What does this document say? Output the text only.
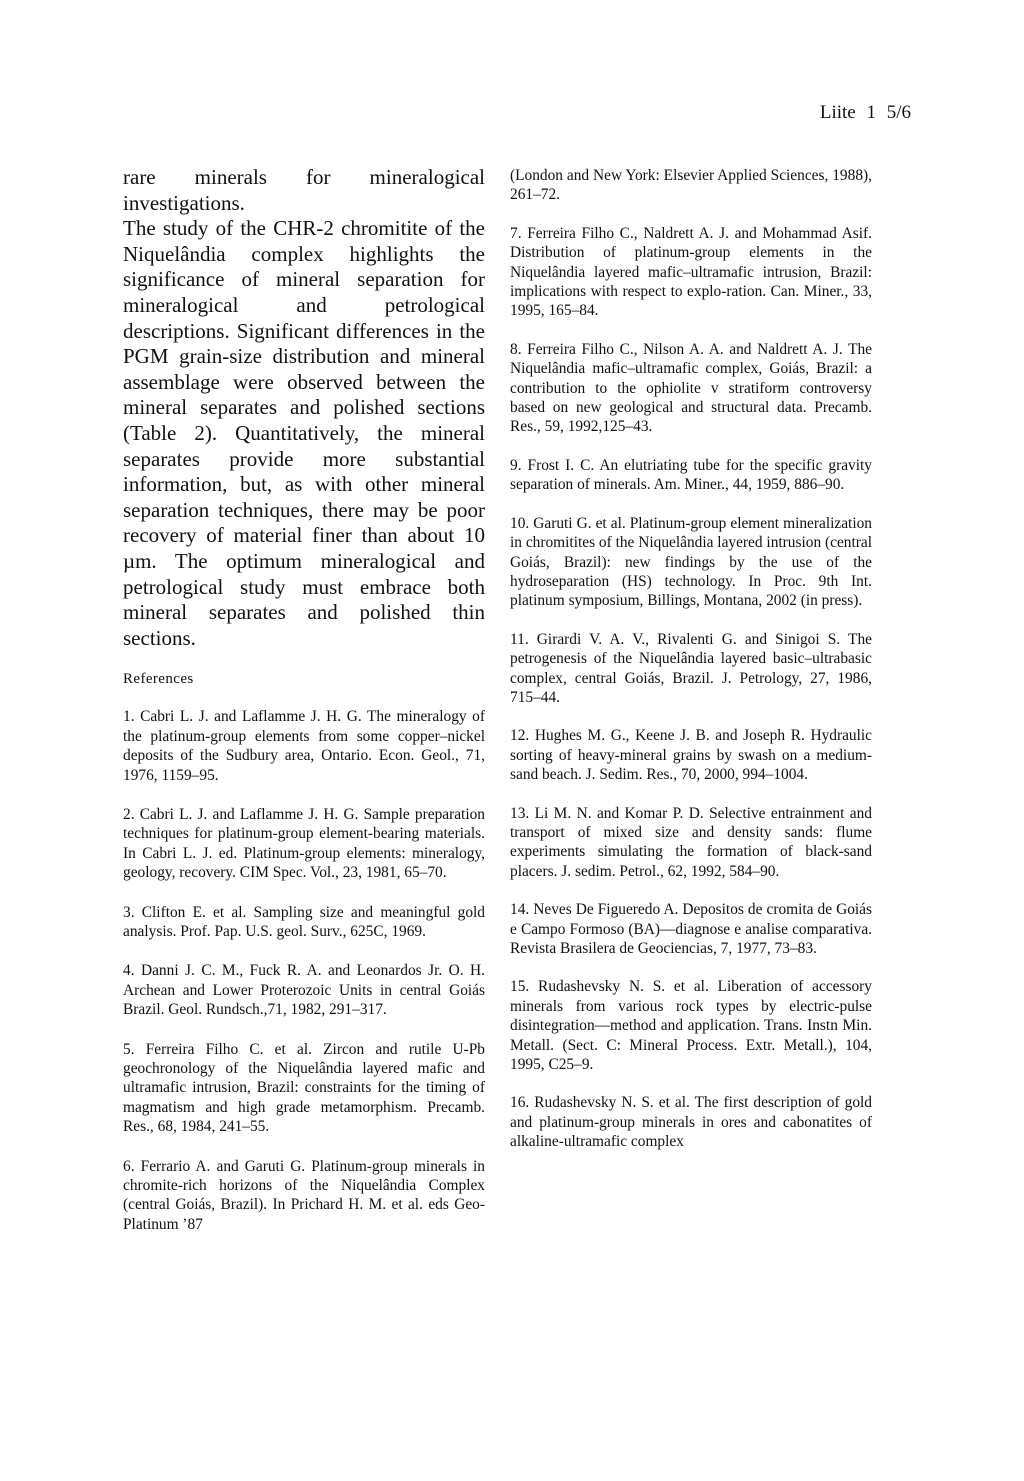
Liite 1 5/6

rare minerals for mineralogical investigations.

The study of the CHR-2 chromitite of the Niquelândia complex highlights the significance of mineral separation for mineralogical and petrological descriptions. Significant differences in the PGM grain-size distribution and mineral assemblage were observed between the mineral separates and polished sections (Table 2). Quantitatively, the mineral separates provide more substantial information, but, as with other mineral separation techniques, there may be poor recovery of material finer than about 10 µm. The optimum mineralogical and petrological study must embrace both mineral separates and polished thin sections.

References

1. Cabri L. J. and Laflamme J. H. G. The mineralogy of the platinum-group elements from some copper–nickel deposits of the Sudbury area, Ontario. Econ. Geol., 71, 1976, 1159–95.

2. Cabri L. J. and Laflamme J. H. G. Sample preparation techniques for platinum-group element-bearing materials. In Cabri L. J. ed. Platinum-group elements: mineralogy, geology, recovery. CIM Spec. Vol., 23, 1981, 65–70.

3. Clifton E. et al. Sampling size and meaningful gold analysis. Prof. Pap. U.S. geol. Surv., 625C, 1969.

4. Danni J. C. M., Fuck R. A. and Leonardos Jr. O. H. Archean and Lower Proterozoic Units in central Goiás Brazil. Geol. Rundsch.,71, 1982, 291–317.

5. Ferreira Filho C. et al. Zircon and rutile U-Pb geochronology of the Niquelândia layered mafic and ultramafic intrusion, Brazil: constraints for the timing of magmatism and high grade metamorphism. Precamb. Res., 68, 1984, 241–55.

6. Ferrario A. and Garuti G. Platinum-group minerals in chromite-rich horizons of the Niquelândia Complex (central Goiás, Brazil). In Prichard H. M. et al. eds Geo-Platinum ’87

(London and New York: Elsevier Applied Sciences, 1988), 261–72.

7. Ferreira Filho C., Naldrett A. J. and Mohammad Asif. Distribution of platinum-group elements in the Niquelândia layered mafic–ultramafic intrusion, Brazil: implications with respect to explo-ration. Can. Miner., 33, 1995, 165–84.

8. Ferreira Filho C., Nilson A. A. and Naldrett A. J. The Niquelândia mafic–ultramafic complex, Goiás, Brazil: a contribution to the ophiolite v stratiform controversy based on new geological and structural data. Precamb. Res., 59, 1992,125–43.

9. Frost I. C. An elutriating tube for the specific gravity separation of minerals. Am. Miner., 44, 1959, 886–90.

10. Garuti G. et al. Platinum-group element mineralization in chromitites of the Niquelândia layered intrusion (central Goiás, Brazil): new findings by the use of the hydroseparation (HS) technology. In Proc. 9th Int. platinum symposium, Billings, Montana, 2002 (in press).

11. Girardi V. A. V., Rivalenti G. and Sinigoi S. The petrogenesis of the Niquelândia layered basic–ultrabasic complex, central Goiás, Brazil. J. Petrology, 27, 1986, 715–44.

12. Hughes M. G., Keene J. B. and Joseph R. Hydraulic sorting of heavy-mineral grains by swash on a medium-sand beach. J. Sedim. Res., 70, 2000, 994–1004.

13. Li M. N. and Komar P. D. Selective entrainment and transport of mixed size and density sands: flume experiments simulating the formation of black-sand placers. J. sedim. Petrol., 62, 1992, 584–90.

14. Neves De Figueredo A. Depositos de cromita de Goiás e Campo Formoso (BA)—diagnose e analise comparativa. Revista Brasilera de Geociencias, 7, 1977, 73–83.

15. Rudashevsky N. S. et al. Liberation of accessory minerals from various rock types by electric-pulse disintegration—method and application. Trans. Instn Min. Metall. (Sect. C: Mineral Process. Extr. Metall.), 104, 1995, C25–9.

16. Rudashevsky N. S. et al. The first description of gold and platinum-group minerals in ores and cabonatites of alkaline-ultramafic complex
